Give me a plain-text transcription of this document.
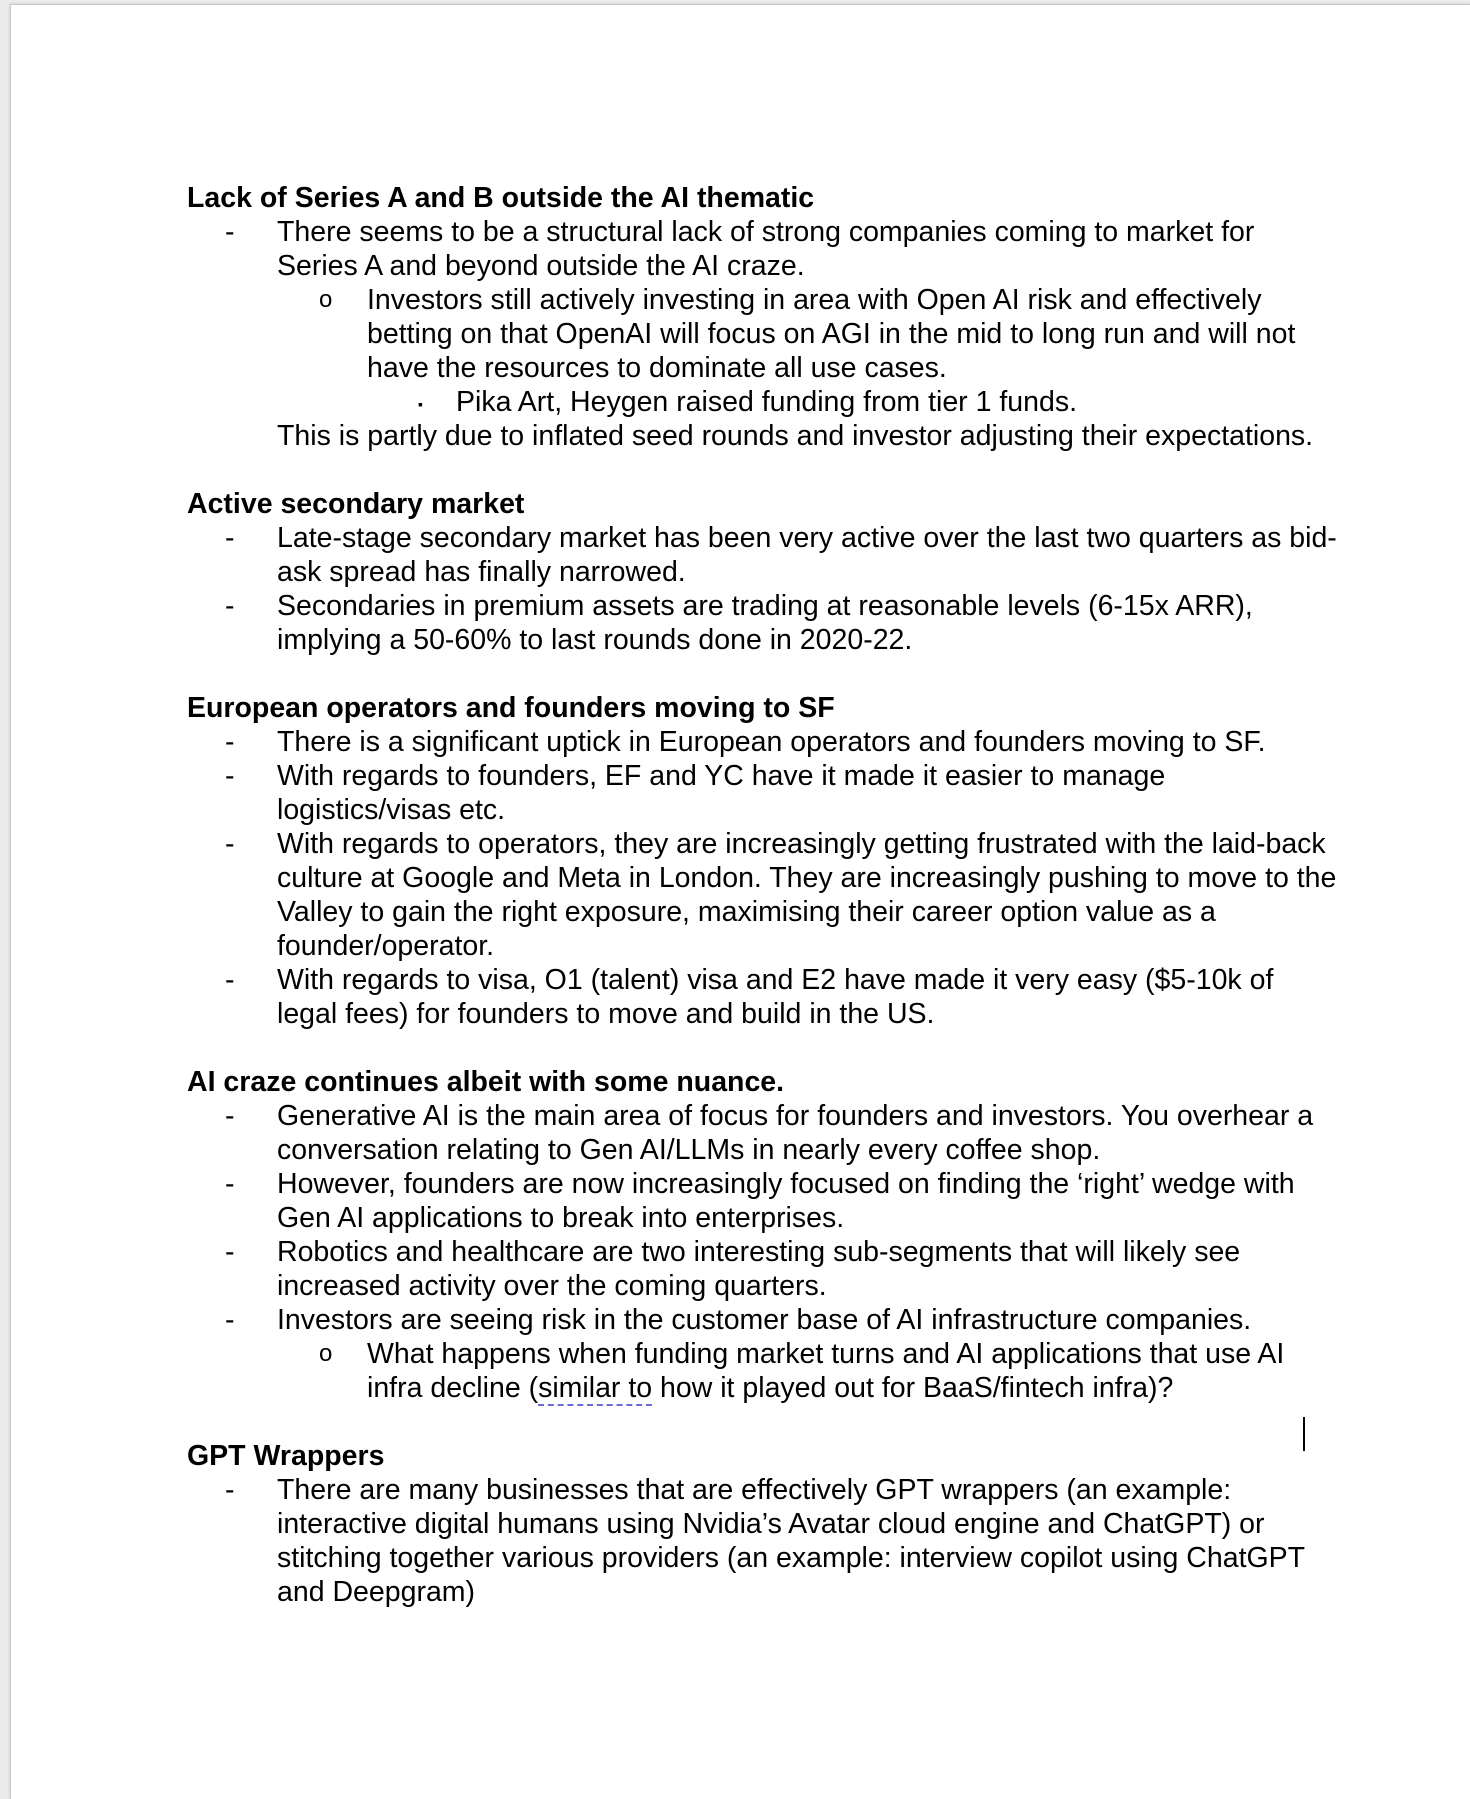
Lack of Series A and B outside the AI thematic

- There seems to be a structural lack of strong companies coming to market for Series A and beyond outside the AI craze.

o Investors still actively investing in area with Open AI risk and effectively betting on that OpenAI will focus on AGI in the mid to long run and will not have the resources to dominate all use cases.

▪ Pika Art, Heygen raised funding from tier 1 funds.

This is partly due to inflated seed rounds and investor adjusting their expectations.

Active secondary market

- Late-stage secondary market has been very active over the last two quarters as bid-ask spread has finally narrowed.

- Secondaries in premium assets are trading at reasonable levels (6-15x ARR), implying a 50-60% to last rounds done in 2020-22.

European operators and founders moving to SF

- There is a significant uptick in European operators and founders moving to SF.

- With regards to founders, EF and YC have it made it easier to manage logistics/visas etc.

- With regards to operators, they are increasingly getting frustrated with the laid-back culture at Google and Meta in London. They are increasingly pushing to move to the Valley to gain the right exposure, maximising their career option value as a founder/operator.

- With regards to visa, O1 (talent) visa and E2 have made it very easy ($5-10k of legal fees) for founders to move and build in the US.

AI craze continues albeit with some nuance.

- Generative AI is the main area of focus for founders and investors. You overhear a conversation relating to Gen AI/LLMs in nearly every coffee shop.

- However, founders are now increasingly focused on finding the ‘right’ wedge with Gen AI applications to break into enterprises.

- Robotics and healthcare are two interesting sub-segments that will likely see increased activity over the coming quarters.

- Investors are seeing risk in the customer base of AI infrastructure companies.

o What happens when funding market turns and AI applications that use AI infra decline (similar to how it played out for BaaS/fintech infra)?

GPT Wrappers

- There are many businesses that are effectively GPT wrappers (an example: interactive digital humans using Nvidia’s Avatar cloud engine and ChatGPT) or stitching together various providers (an example: interview copilot using ChatGPT and Deepgram)
